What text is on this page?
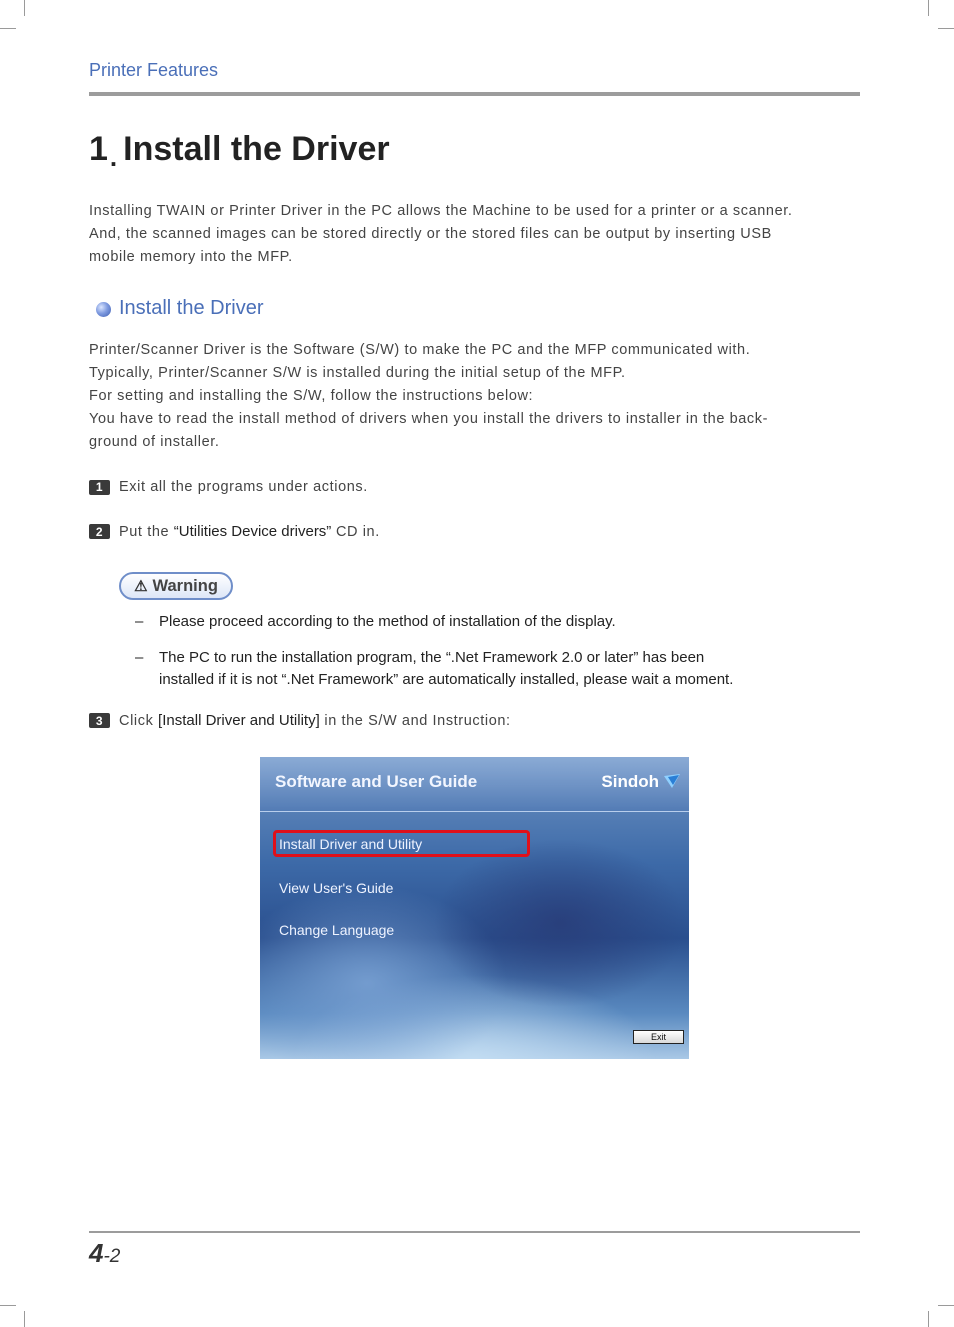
Printer Features
1. Install the Driver

Installing TWAIN or Printer Driver in the PC allows the Machine to be used for a printer or a scanner.

And, the scanned images can be stored directly or the stored files can be output by inserting USB

mobile memory into the MFP.

Install the Driver

Printer/Scanner Driver is the Software (S/W) to make the PC and the MFP communicated with.

Typically, Printer/Scanner S/W is installed during the initial setup of the MFP.

For setting and installing the S/W, follow the instructions below:

You have to read the install method of drivers when you install the drivers to installer in the back-

ground of installer.

1	Exit all the programs under actions.
2	Put the “Utilities Device drivers” CD in.
⚠ Warning
– Please proceed according to the method of installation of the display.
– The PC to run the installation program, the “.Net Framework 2.0 or later” has been
installed if it is not “.Net Framework” are automatically installed, please wait a moment.
3	Click [Install Driver and Utility] in the S/W and Instruction:
Software and User Guide	Sindoh
Install Driver and Utility
View User's Guide
Change Language
Exit
4-2
